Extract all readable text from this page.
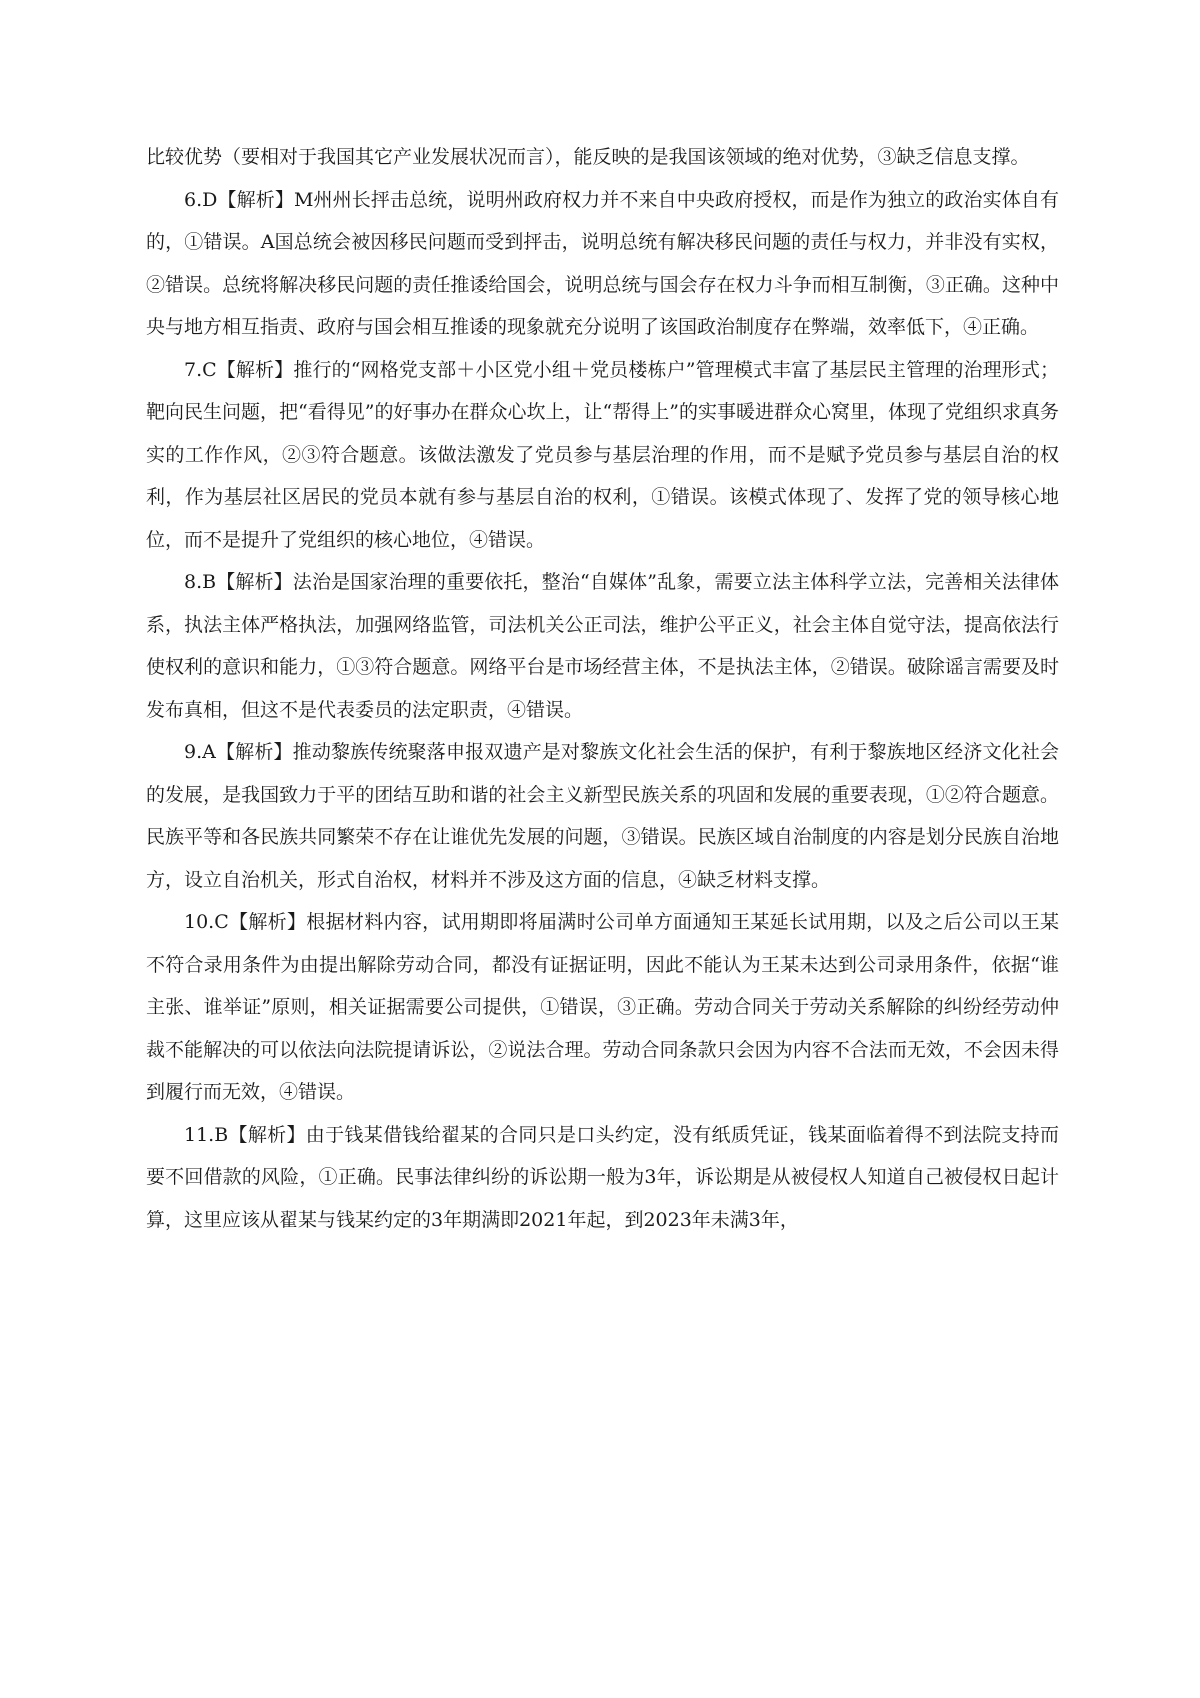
比较优势（要相对于我国其它产业发展状况而言），能反映的是我国该领域的绝对优势，③缺乏信息支撑。

6.D【解析】M州州长抨击总统，说明州政府权力并不来自中央政府授权，而是作为独立的政治实体自有的，①错误。A国总统会被因移民问题而受到抨击，说明总统有解决移民问题的责任与权力，并非没有实权，②错误。总统将解决移民问题的责任推诿给国会，说明总统与国会存在权力斗争而相互制衡，③正确。这种中央与地方相互指责、政府与国会相互推诿的现象就充分说明了该国政治制度存在弊端，效率低下，④正确。

7.C【解析】推行的“网格党支部＋小区党小组＋党员楼栋户”管理模式丰富了基层民主管理的治理形式；靶向民生问题，把“看得见”的好事办在群众心坎上，让“帮得上”的实事暖进群众心窝里，体现了党组织求真务实的工作作风，②③符合题意。该做法激发了党员参与基层治理的作用，而不是赋予党员参与基层自治的权利，作为基层社区居民的党员本就有参与基层自治的权利，①错误。该模式体现了、发挥了党的领导核心地位，而不是提升了党组织的核心地位，④错误。

8.B【解析】法治是国家治理的重要依托，整治“自媒体”乱象，需要立法主体科学立法，完善相关法律体系，执法主体严格执法，加强网络监管，司法机关公正司法，维护公平正义，社会主体自觉守法，提高依法行使权利的意识和能力，①③符合题意。网络平台是市场经营主体，不是执法主体，②错误。破除谣言需要及时发布真相，但这不是代表委员的法定职责，④错误。

9.A【解析】推动黎族传统聚落申报双遗产是对黎族文化社会生活的保护，有利于黎族地区经济文化社会的发展，是我国致力于平的团结互助和谐的社会主义新型民族关系的巩固和发展的重要表现，①②符合题意。民族平等和各民族共同繁荣不存在让谁优先发展的问题，③错误。民族区域自治制度的内容是划分民族自治地方，设立自治机关，形式自治权，材料并不涉及这方面的信息，④缺乏材料支撑。

10.C【解析】根据材料内容，试用期即将届满时公司单方面通知王某延长试用期，以及之后公司以王某不符合录用条件为由提出解除劳动合同，都没有证据证明，因此不能认为王某未达到公司录用条件，依据“谁主张、谁举证”原则，相关证据需要公司提供，①错误，③正确。劳动合同关于劳动关系解除的纠纷经劳动仲裁不能解决的可以依法向法院提请诉讼，②说法合理。劳动合同条款只会因为内容不合法而无效，不会因未得到履行而无效，④错误。

11.B【解析】由于钱某借钱给翟某的合同只是口头约定，没有纸质凭证，钱某面临着得不到法院支持而要不回借款的风险，①正确。民事法律纠纷的诉讼期一般为3年，诉讼期是从被侵权人知道自己被侵权日起计算，这里应该从翟某与钱某约定的3年期满即2021年起，到2023年未满3年，
